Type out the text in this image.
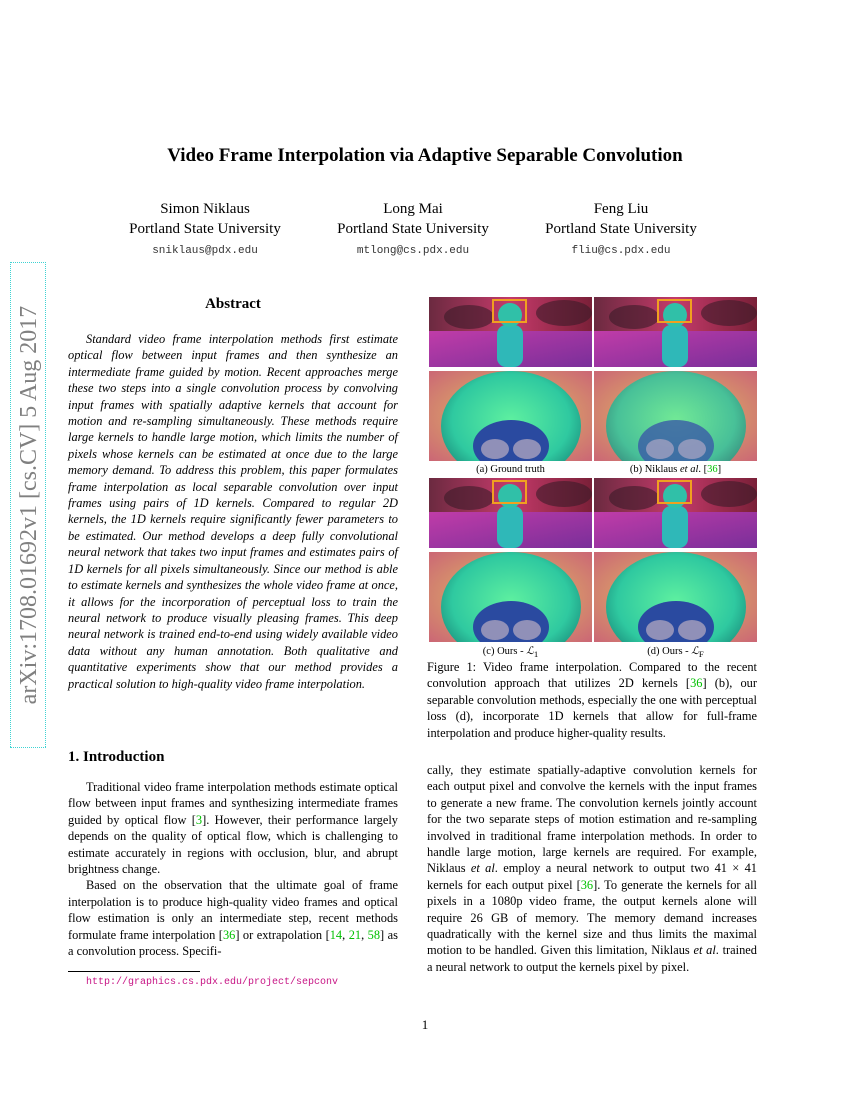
Video Frame Interpolation via Adaptive Separable Convolution
Simon Niklaus
Portland State University
sniklaus@pdx.edu
Long Mai
Portland State University
mtlong@cs.pdx.edu
Feng Liu
Portland State University
fliu@cs.pdx.edu
arXiv:1708.01692v1 [cs.CV] 5 Aug 2017
Abstract
Standard video frame interpolation methods first estimate optical flow between input frames and then synthesize an intermediate frame guided by motion. Recent approaches merge these two steps into a single convolution process by convolving input frames with spatially adaptive kernels that account for motion and re-sampling simultaneously. These methods require large kernels to handle large motion, which limits the number of pixels whose kernels can be estimated at once due to the large memory demand. To address this problem, this paper formulates frame interpolation as local separable convolution over input frames using pairs of 1D kernels. Compared to regular 2D kernels, the 1D kernels require significantly fewer parameters to be estimated. Our method develops a deep fully convolutional neural network that takes two input frames and estimates pairs of 1D kernels for all pixels simultaneously. Since our method is able to estimate kernels and synthesizes the whole video frame at once, it allows for the incorporation of perceptual loss to train the neural network to produce visually pleasing frames. This deep neural network is trained end-to-end using widely available video data without any human annotation. Both qualitative and quantitative experiments show that our method provides a practical solution to high-quality video frame interpolation.
1. Introduction

Traditional video frame interpolation methods estimate optical flow between input frames and synthesizing intermediate frames guided by optical flow [3]. However, their performance largely depends on the quality of optical flow, which is challenging to estimate accurately in regions with occlusion, blur, and abrupt brightness change.

Based on the observation that the ultimate goal of frame interpolation is to produce high-quality video frames and optical flow estimation is only an intermediate step, recent methods formulate frame interpolation [36] or extrapolation [14, 21, 58] as a convolution process. Specifi-

cally, they estimate spatially-adaptive convolution kernels for each output pixel and convolve the kernels with the input frames to generate a new frame. The convolution kernels jointly account for the two separate steps of motion estimation and re-sampling involved in traditional frame interpolation methods. In order to handle large motion, large kernels are required. For example, Niklaus et al. employ a neural network to output two 41 × 41 kernels for each output pixel [36]. To generate the kernels for all pixels in a 1080p video frame, the output kernels alone will require 26 GB of memory. The memory demand increases quadratically with the kernel size and thus limits the maximal motion to be handled. Given this limitation, Niklaus et al. trained a neural network to output the kernels pixel by pixel.

http://graphics.cs.pdx.edu/project/sepconv
(a) Ground truth	(b) Niklaus et al. [36]
(c) Ours - ℒ$_1$	(d) Ours - ℒ$_F$
Figure 1: Video frame interpolation. Compared to the recent convolution approach that utilizes 2D kernels [36] (b), our separable convolution methods, especially the one with perceptual loss (d), incorporate 1D kernels that allow for full-frame interpolation and produce higher-quality results.
1
